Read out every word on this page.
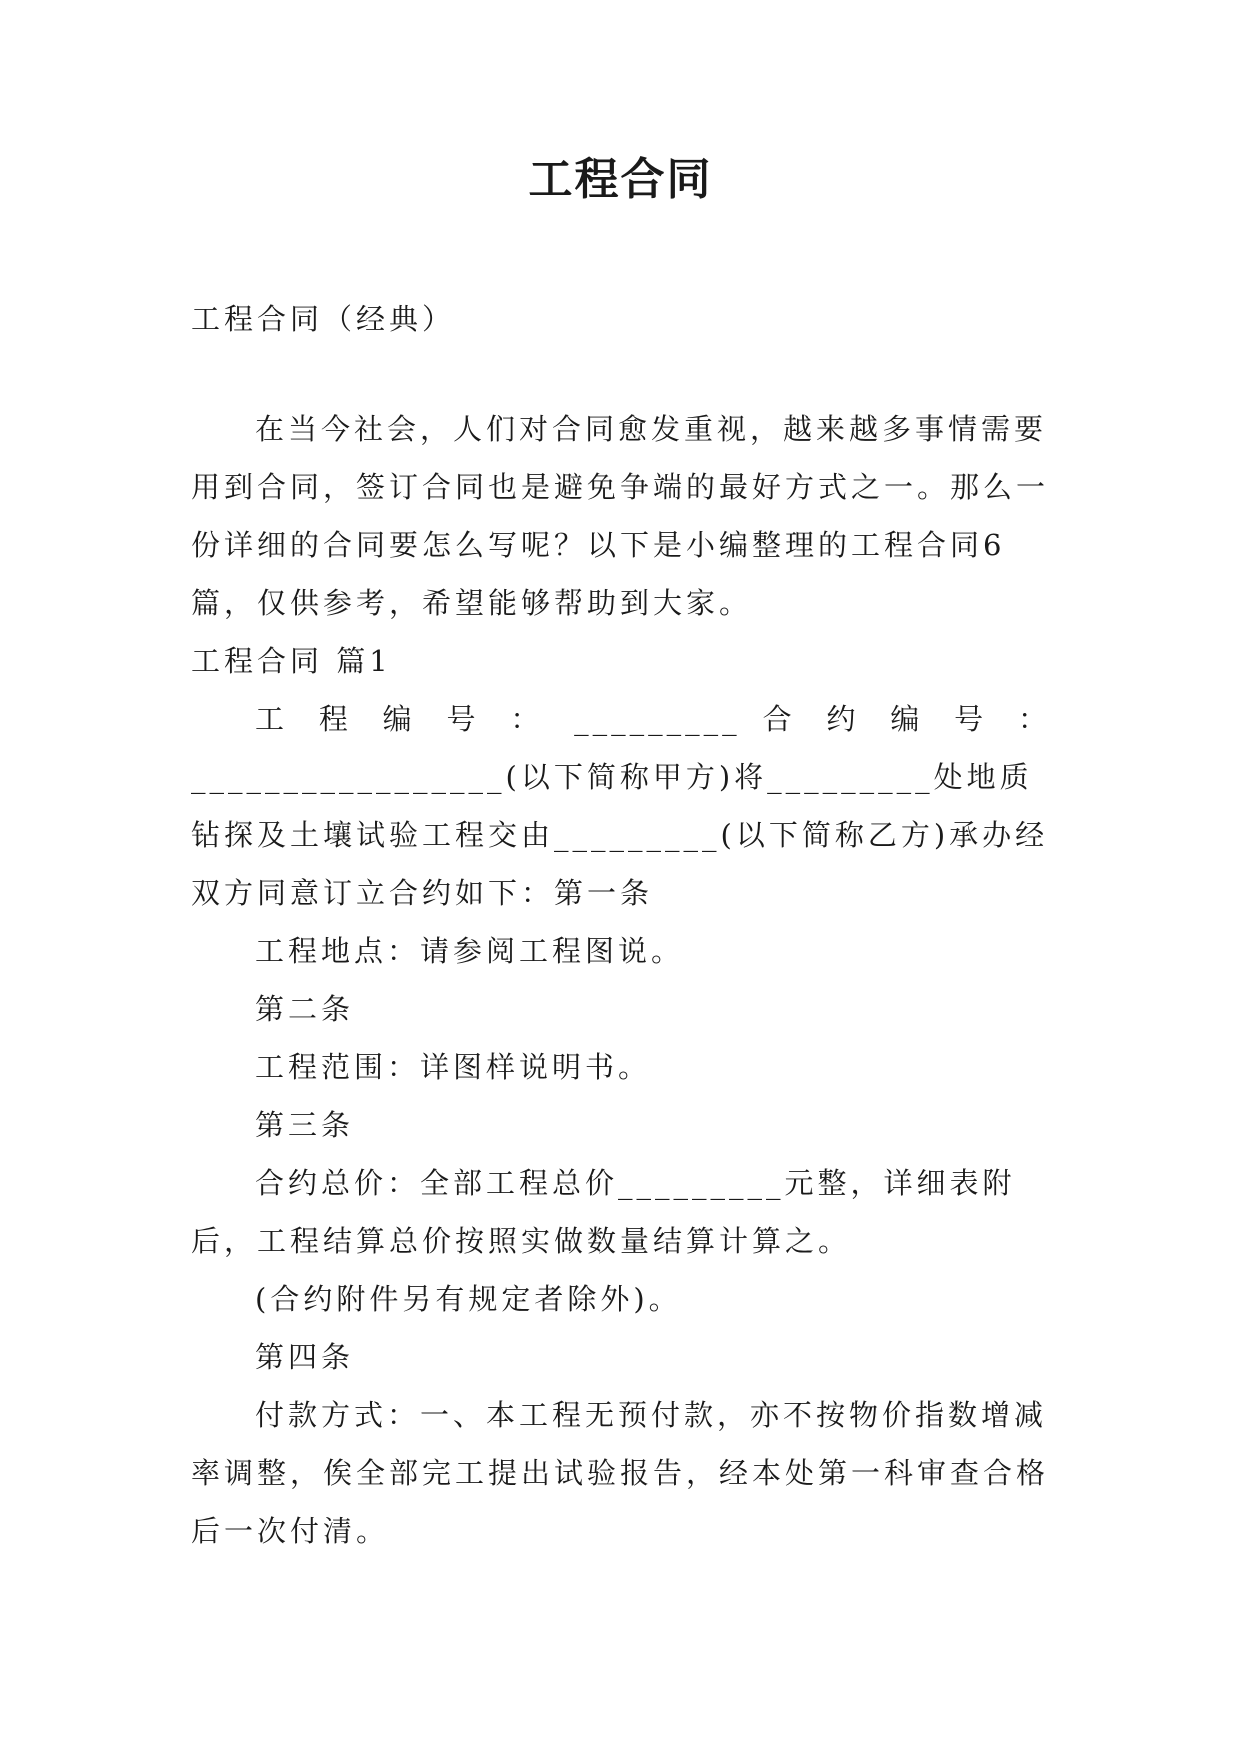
工程合同

工程合同（经典）

在当今社会，人们对合同愈发重视，越来越多事情需要用到合同，签订合同也是避免争端的最好方式之一。那么一份详细的合同要怎么写呢？以下是小编整理的工程合同6篇，仅供参考，希望能够帮助到大家。

工程合同 篇1

工 程 编 号 ： _________ 合 约 编 号 ：

_________________(以下简称甲方)将_________处地质钻探及土壤试验工程交由_________(以下简称乙方)承办经双方同意订立合约如下：第一条

工程地点：请参阅工程图说。

第二条

工程范围：详图样说明书。

第三条

合约总价：全部工程总价_________元整，详细表附后，工程结算总价按照实做数量结算计算之。

(合约附件另有规定者除外)。

第四条

付款方式：一、本工程无预付款，亦不按物价指数增减率调整，俟全部完工提出试验报告，经本处第一科审查合格后一次付清。
